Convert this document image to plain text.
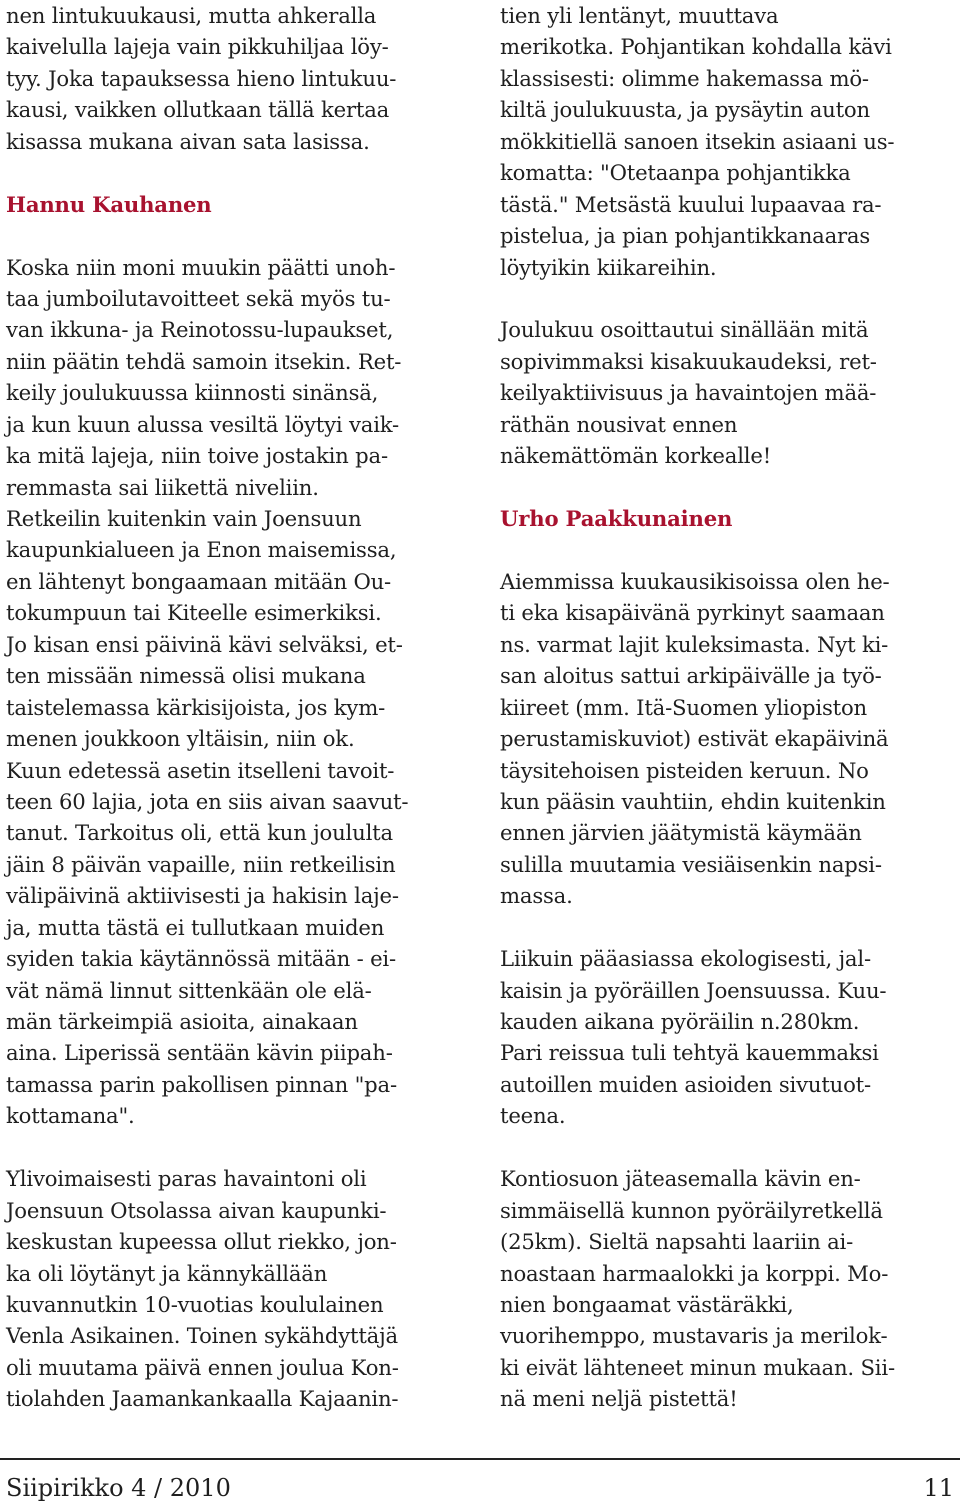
nen lintukuukausi, mutta ahkeralla
kaivelulla lajeja vain pikkuhiljaa löy-
tyy. Joka tapauksessa hieno lintukuu-
kausi, vaikken ollutkaan tällä kertaa
kisassa mukana aivan sata lasissa.
Hannu Kauhanen
Koska niin moni muukin päätti unoh-
taa jumboilutavoitteet sekä myös tu-
van ikkuna- ja Reinotossu-lupaukset,
niin päätin tehdä samoin itsekin. Ret-
keily joulukuussa kiinnosti sinänsä,
ja kun kuun alussa vesiltä löytyi vaik-
ka mitä lajeja, niin toive jostakin pa-
remmasta sai liikettä niveliin.
Retkeilin kuitenkin vain Joensuun
kaupunkialueen ja Enon maisemissa,
en lähtenyt bongaamaan mitään Ou-
tokumpuun tai Kiteelle esimerkiksi.
Jo kisan ensi päivinä kävi selväksi, et-
ten missään nimessä olisi mukana
taistelemassa kärkisijoista, jos kym-
menen joukkoon yltäisin, niin ok.
Kuun edetessä asetin itselleni tavoit-
teen 60 lajia, jota en siis aivan saavut-
tanut. Tarkoitus oli, että kun joululta
jäin 8 päivän vapaille, niin retkeilisin
välipäivinä aktiivisesti ja hakisin laje-
ja, mutta tästä ei tullutkaan muiden
syiden takia käytännössä mitään - ei-
vät nämä linnut sittenkään ole elä-
män tärkeimpiä asioita, ainakaan
aina. Liperissä sentään kävin piipah-
tamassa parin pakollisen pinnan "pa-
kottamana".
Ylivoimaisesti paras havaintoni oli
Joensuun Otsolassa aivan kaupunki-
keskustan kupeessa ollut riekko, jon-
ka oli löytänyt ja kännykällään
kuvannutkin 10-vuotias koululainen
Venla Asikainen. Toinen sykähdyttäjä
oli muutama päivä ennen joulua Kon-
tiolahden Jaamankankaalla Kajaanin-
tien yli lentänyt, muuttava
merikotka. Pohjantikan kohdalla kävi
klassisesti: olimme hakemassa mö-
kiltä joulukuusta, ja pysäytin auton
mökkitiellä sanoen itsekin asiaani us-
komatta: "Otetaanpa pohjantikka
tästä." Metsästä kuului lupaavaa ra-
pistelua, ja pian pohjantikkanaaras
löytyikin kiikareihin.
Joulukuu osoittautui sinällään mitä
sopivimmaksi kisakuukaudeksi, ret-
keilyaktiivisuus ja havaintojen mää-
räthän nousivat ennen
näkemättömän korkealle!
Urho Paakkunainen
Aiemmissa kuukausikisoissa olen he-
ti eka kisapäivänä pyrkinyt saamaan
ns. varmat lajit kuleksimasta. Nyt ki-
san aloitus sattui arkipäivälle ja työ-
kiireet (mm. Itä-Suomen yliopiston
perustamiskuviot) estivät ekapäivinä
täysitehoisen pisteiden keruun. No
kun pääsin vauhtiin, ehdin kuitenkin
ennen järvien jäätymistä käymään
sulilla muutamia vesiäisenkin napsi-
massa.
Liikuin pääasiassa ekologisesti, jal-
kaisin ja pyöräillen Joensuussa. Kuu-
kauden aikana pyöräilin n.280km.
Pari reissua tuli tehtyä kauemmaksi
autoillen muiden asioiden sivutuot-
teena.
Kontiosuon jäteasemalla kävin en-
simmäisellä kunnon pyöräilyretkellä
(25km). Sieltä napsahti laariin ai-
noastaan harmaalokki ja korppi. Mo-
nien bongaamat västäräkki,
vuorihemppo, mustavaris ja merilok-
ki eivät lähteneet minun mukaan. Sii-
nä meni neljä pistettä!
Siipirikko 4 / 2010	11
